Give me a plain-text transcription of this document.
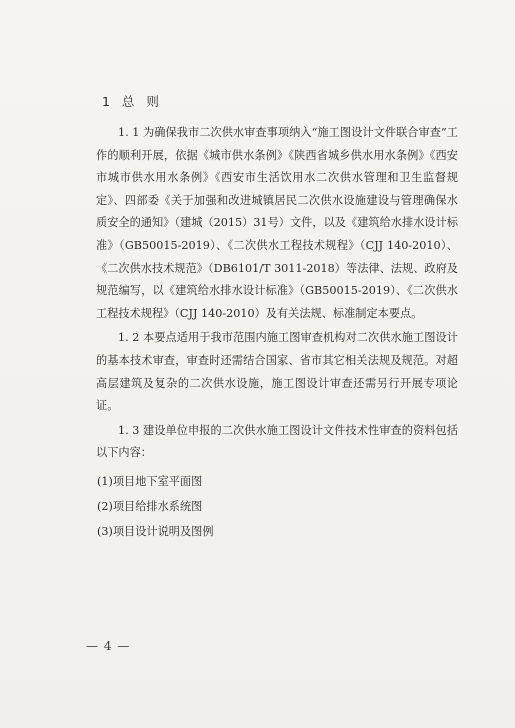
1 总 则

1. 1 为确保我市二次供水审查事项纳入“施工图设计文件联合审查”工作的顺利开展，依据《城市供水条例》《陕西省城乡供水用水条例》《西安市城市供水用水条例》《西安市生活饮用水二次供水管理和卫生监督规定》、四部委《关于加强和改进城镇居民二次供水设施建设与管理确保水质安全的通知》（建城（2015）31号）文件，以及《建筑给水排水设计标准》（GB50015-2019）、《二次供水工程技术规程》（CJJ 140-2010）、《二次供水技术规范》（DB6101/T 3011-2018）等法律、法规、政府及规范编写，以《建筑给水排水设计标准》（GB50015-2019）、《二次供水工程技术规程》（CJJ 140-2010）及有关法规、标准制定本要点。

1. 2 本要点适用于我市范围内施工图审查机构对二次供水施工图设计的基本技术审查，审查时还需结合国家、省市其它相关法规及规范。对超高层建筑及复杂的二次供水设施，施工图设计审查还需另行开展专项论证。

1. 3 建设单位申报的二次供水施工图设计文件技术性审查的资料包括以下内容：

(1)项目地下室平面图
(2)项目给排水系统图
(3)项目设计说明及图例
— 4 —
